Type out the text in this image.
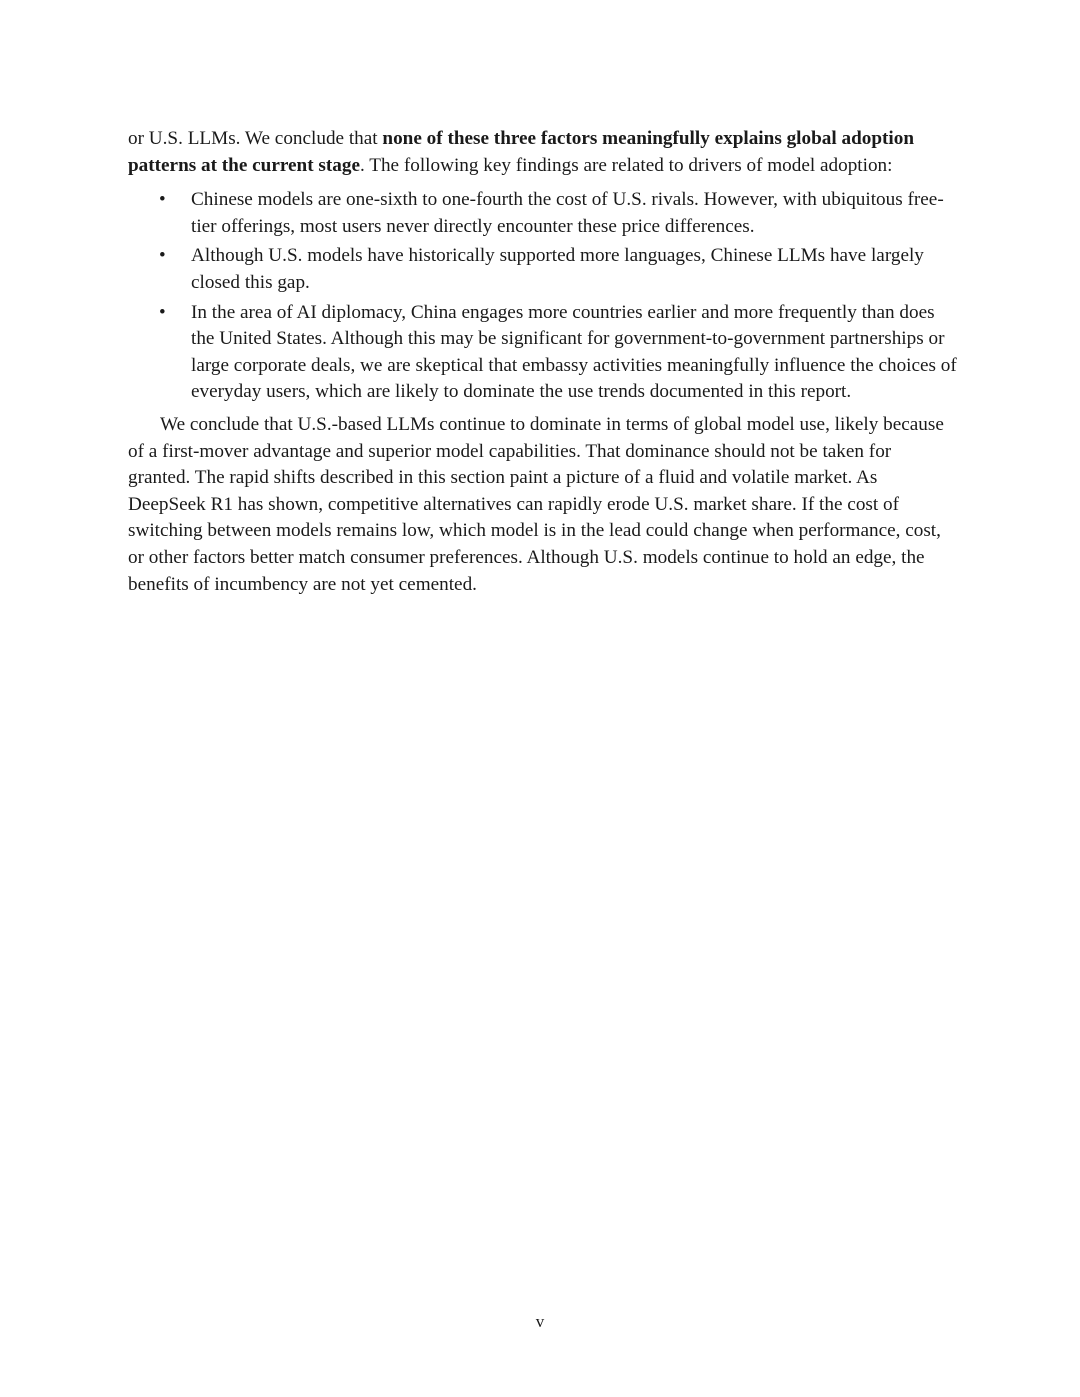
or U.S. LLMs. We conclude that none of these three factors meaningfully explains global adoption patterns at the current stage. The following key findings are related to drivers of model adoption:

• Chinese models are one-sixth to one-fourth the cost of U.S. rivals. However, with ubiquitous free-tier offerings, most users never directly encounter these price differences.
• Although U.S. models have historically supported more languages, Chinese LLMs have largely closed this gap.
• In the area of AI diplomacy, China engages more countries earlier and more frequently than does the United States. Although this may be significant for government-to-government partnerships or large corporate deals, we are skeptical that embassy activities meaningfully influence the choices of everyday users, which are likely to dominate the use trends documented in this report.

We conclude that U.S.-based LLMs continue to dominate in terms of global model use, likely because of a first-mover advantage and superior model capabilities. That dominance should not be taken for granted. The rapid shifts described in this section paint a picture of a fluid and volatile market. As DeepSeek R1 has shown, competitive alternatives can rapidly erode U.S. market share. If the cost of switching between models remains low, which model is in the lead could change when performance, cost, or other factors better match consumer preferences. Although U.S. models continue to hold an edge, the benefits of incumbency are not yet cemented.

v
